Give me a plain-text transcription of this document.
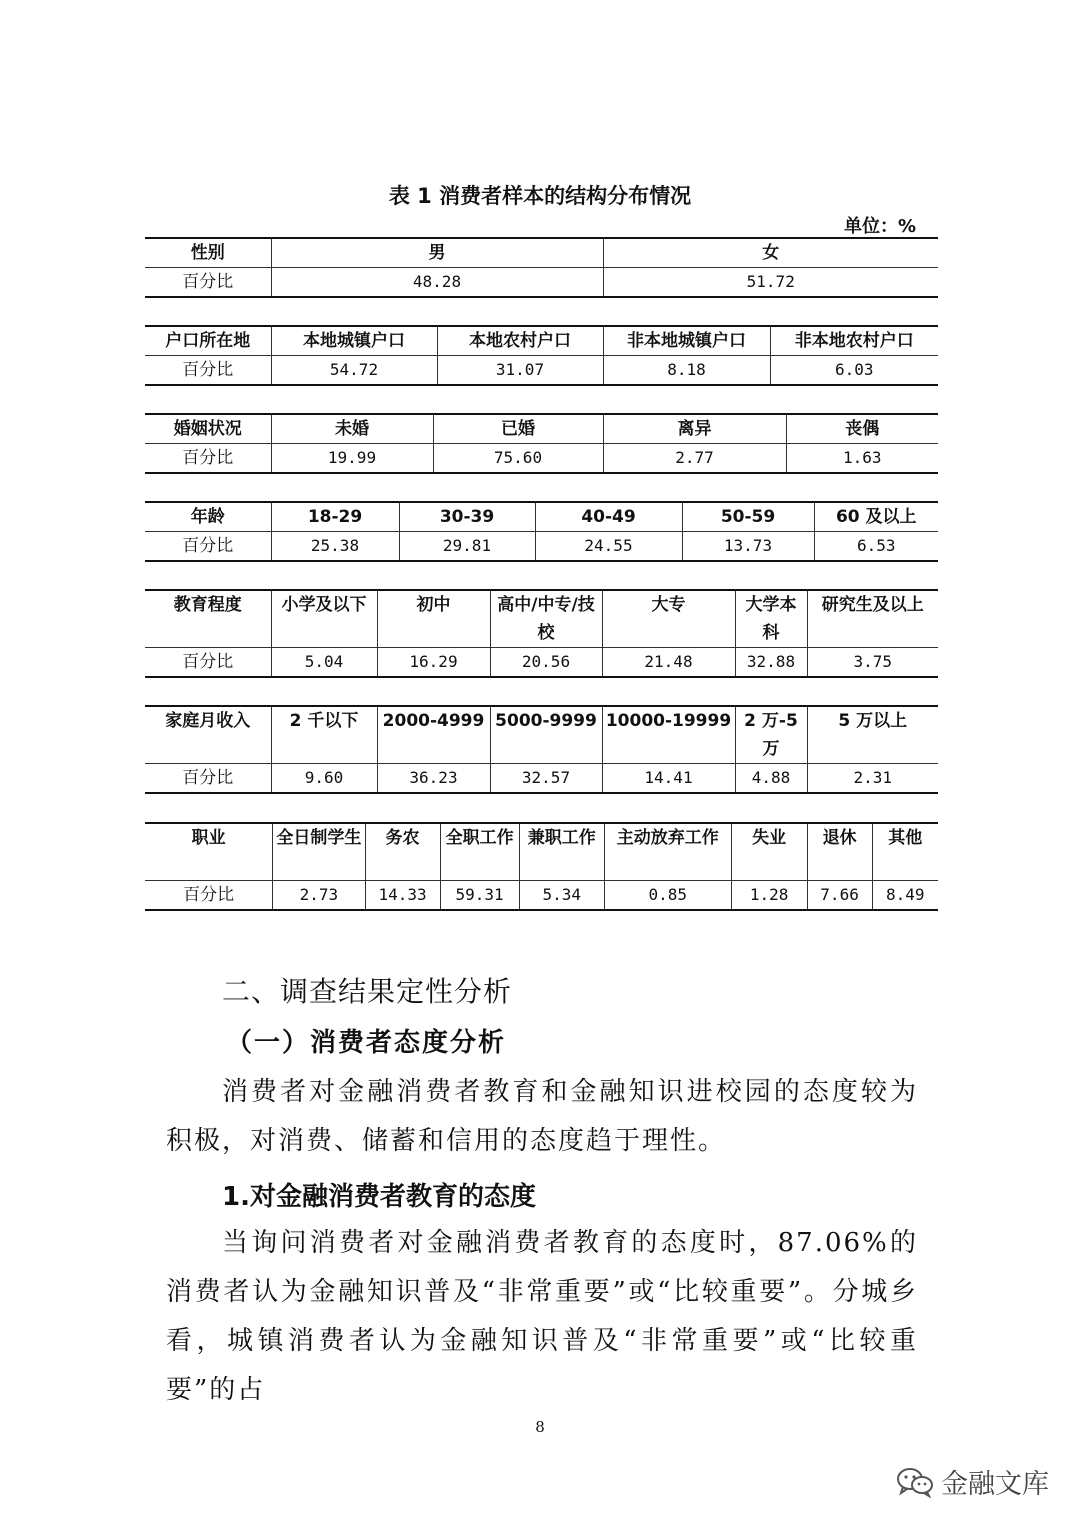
表 1 消费者样本的结构分布情况
单位：%
性别	男	女
百分比	48.28	51.72
户口所在地	本地城镇户口	本地农村户口	非本地城镇户口	非本地农村户口
百分比	54.72	31.07	8.18	6.03
婚姻状况	未婚	已婚	离异	丧偶
百分比	19.99	75.60	2.77	1.63
年龄	18-29	30-39	40-49	50-59	60 及以上
百分比	25.38	29.81	24.55	13.73	6.53
教育程度	小学及以下	初中	高中/中专/技校	大专	大学本科	研究生及以上
百分比	5.04	16.29	20.56	21.48	32.88	3.75
家庭月收入	2 千以下	2000-4999	5000-9999	10000-19999	2 万-5 万	5 万以上
百分比	9.60	36.23	32.57	14.41	4.88	2.31
职业	全日制学生	务农	全职工作	兼职工作	主动放弃工作	失业	退休	其他
百分比	2.73	14.33	59.31	5.34	0.85	1.28	7.66	8.49
二、调查结果定性分析
（一）消费者态度分析
消费者对金融消费者教育和金融知识进校园的态度较为积极，对消费、储蓄和信用的态度趋于理性。
1.对金融消费者教育的态度
当询问消费者对金融消费者教育的态度时，87.06%的消费者认为金融知识普及“非常重要”或“比较重要”。分城乡看，城镇消费者认为金融知识普及“非常重要”或“比较重要”的占
8
金融文库
